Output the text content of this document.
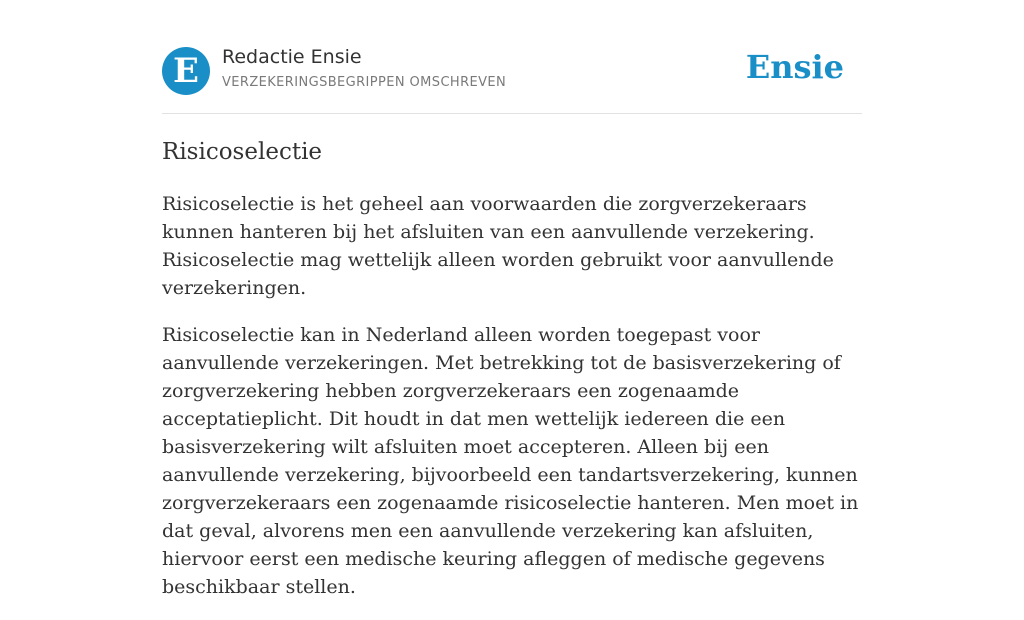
E	Redactie Ensie
VERZEKERINGSBEGRIPPEN OMSCHREVEN	Ensie
Risicoselectie

Risicoselectie is het geheel aan voorwaarden die zorgverzekeraars kunnen hanteren bij het afsluiten van een aanvullende verzekering. Risicoselectie mag wettelijk alleen worden gebruikt voor aanvullende verzekeringen.

Risicoselectie kan in Nederland alleen worden toegepast voor aanvullende verzekeringen. Met betrekking tot de basisverzekering of zorgverzekering hebben zorgverzekeraars een zogenaamde acceptatieplicht. Dit houdt in dat men wettelijk iedereen die een basisverzekering wilt afsluiten moet accepteren. Alleen bij een aanvullende verzekering, bijvoorbeeld een tandartsverzekering, kunnen zorgverzekeraars een zogenaamde risicoselectie hanteren. Men moet in dat geval, alvorens men een aanvullende verzekering kan afsluiten, hiervoor eerst een medische keuring afleggen of medische gegevens beschikbaar stellen.
